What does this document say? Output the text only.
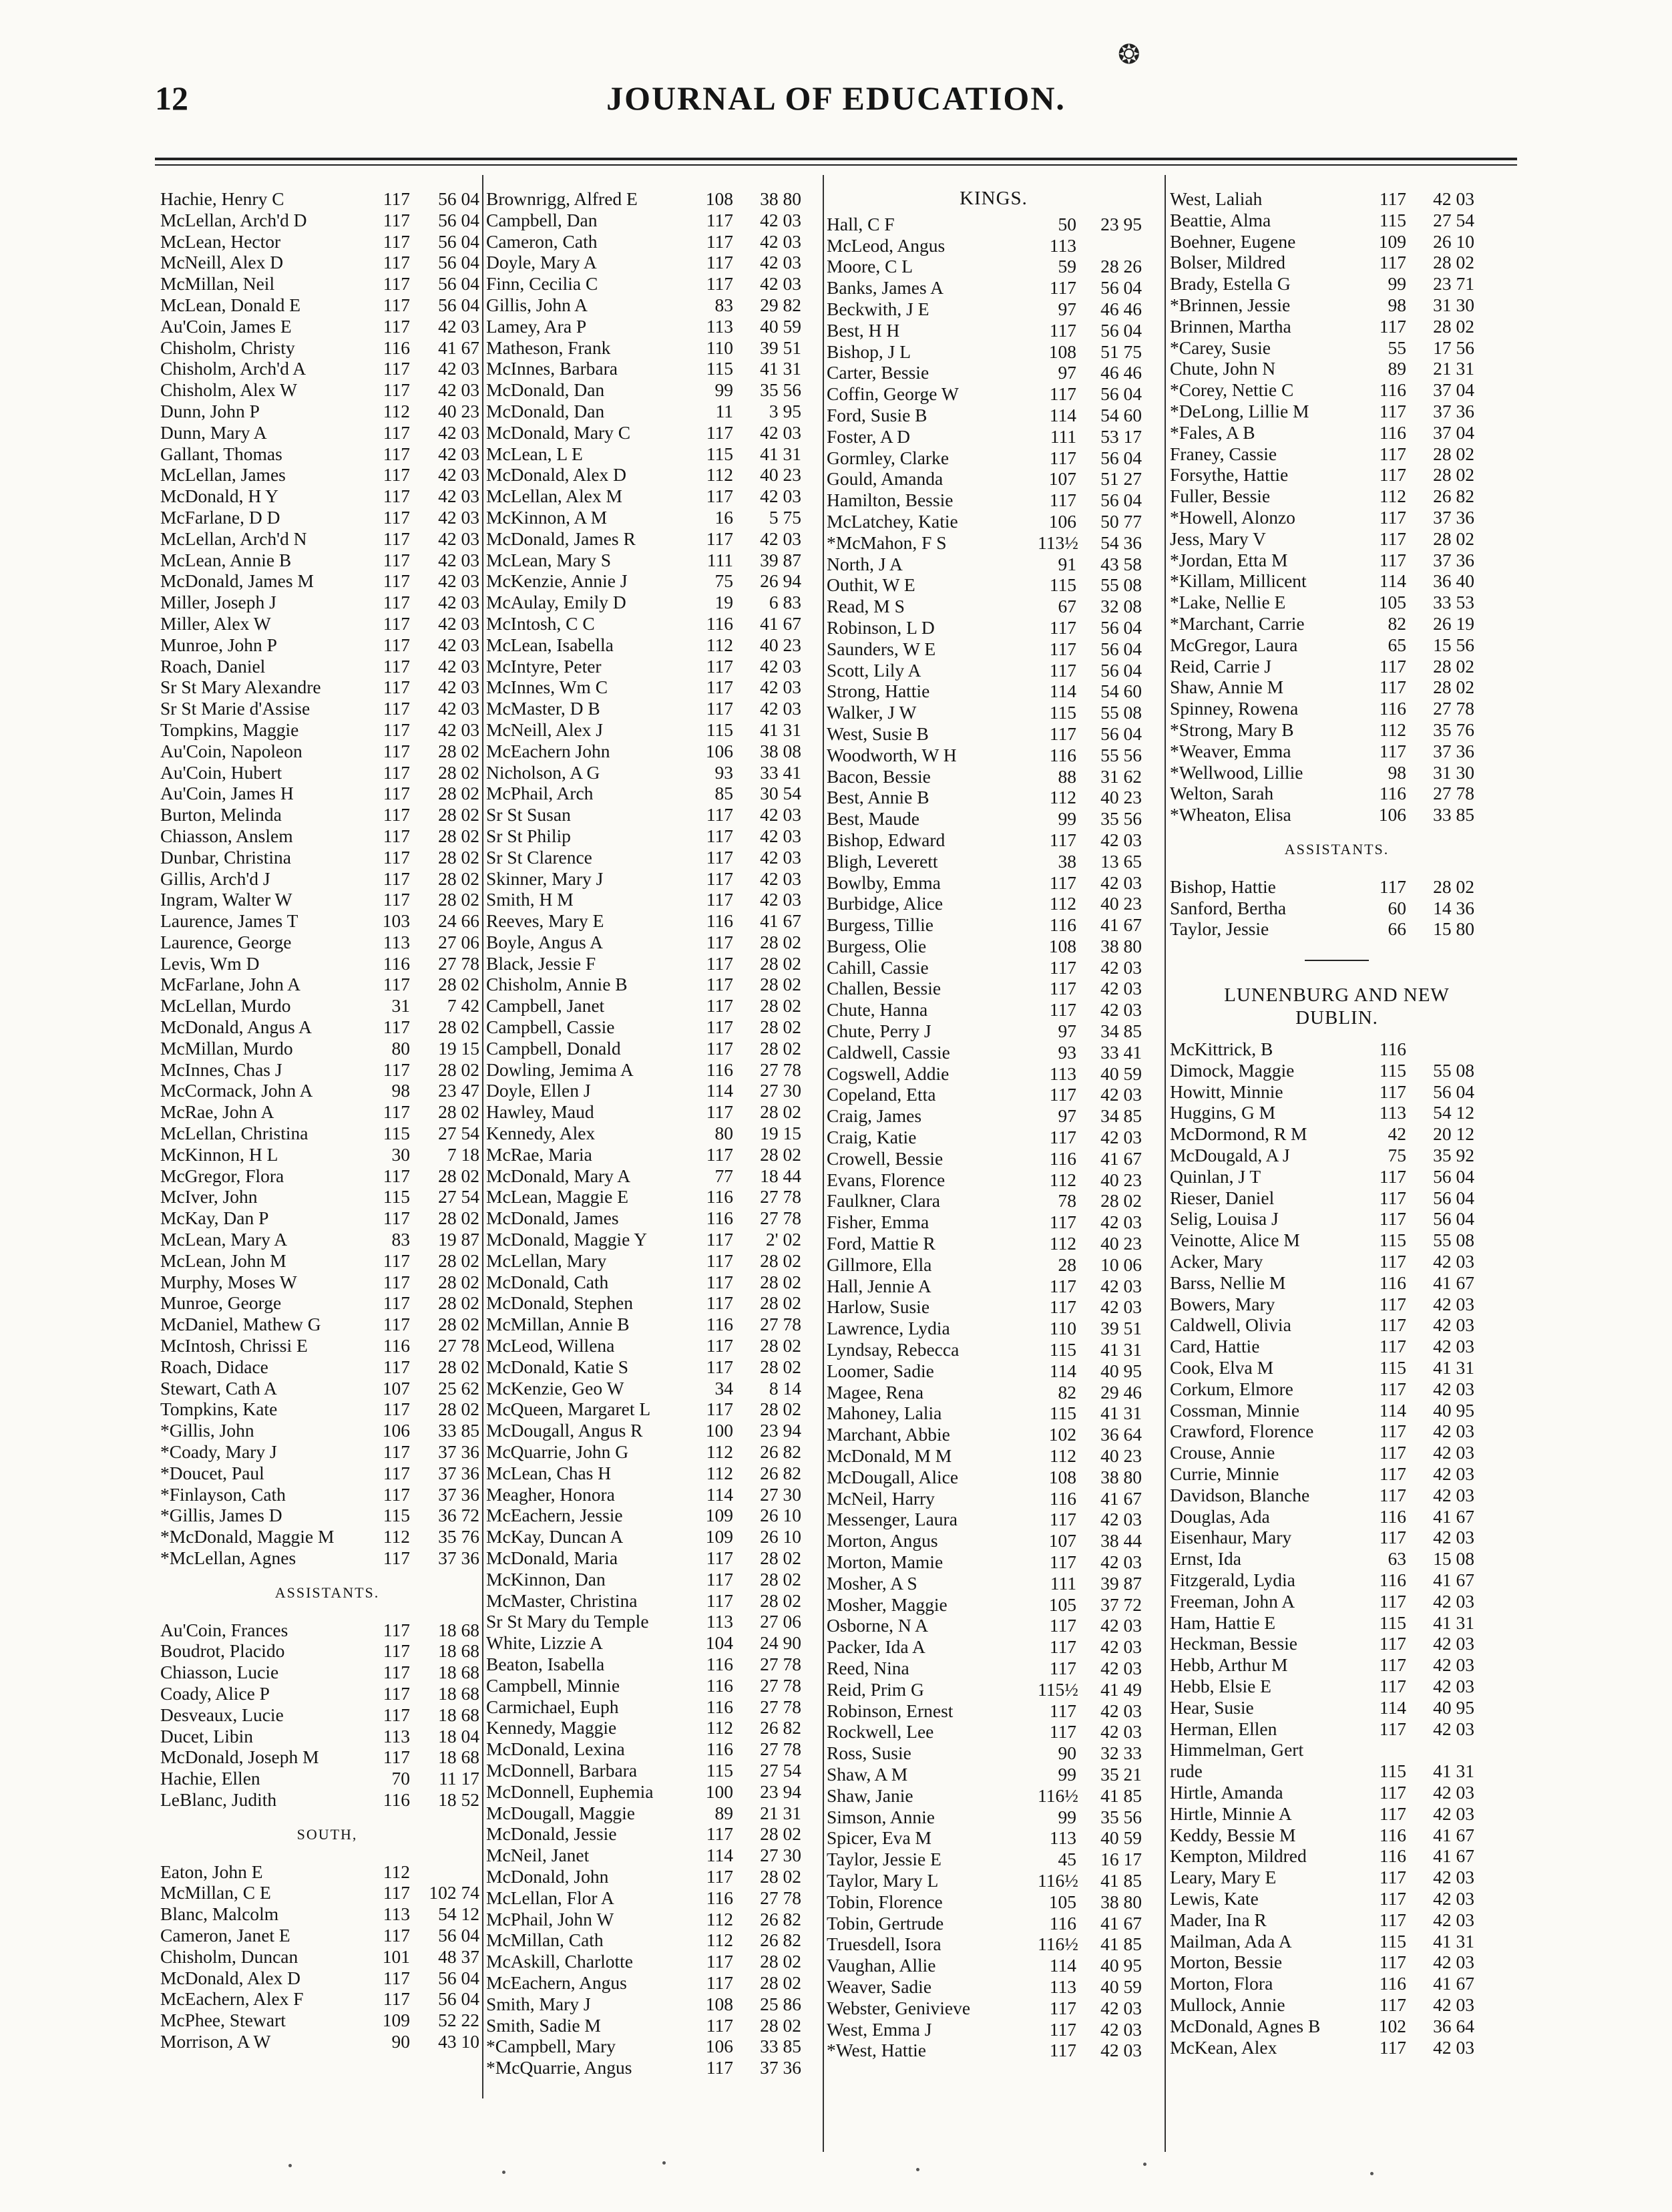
❂
12	JOURNAL OF EDUCATION.
Hachie, Henry C	117	56 04
McLellan, Arch'd D	117	56 04
McLean, Hector	117	56 04
McNeill, Alex D	117	56 04
McMillan, Neil	117	56 04
McLean, Donald E	117	56 04
Au'Coin, James E	117	42 03
Chisholm, Christy	116	41 67
Chisholm, Arch'd A	117	42 03
Chisholm, Alex W	117	42 03
Dunn, John P	112	40 23
Dunn, Mary A	117	42 03
Gallant, Thomas	117	42 03
McLellan, James	117	42 03
McDonald, H Y	117	42 03
McFarlane, D D	117	42 03
McLellan, Arch'd N	117	42 03
McLean, Annie B	117	42 03
McDonald, James M	117	42 03
Miller, Joseph J	117	42 03
Miller, Alex W	117	42 03
Munroe, John P	117	42 03
Roach, Daniel	117	42 03
Sr St Mary Alexandre	117	42 03
Sr St Marie d'Assise	117	42 03
Tompkins, Maggie	117	42 03
Au'Coin, Napoleon	117	28 02
Au'Coin, Hubert	117	28 02
Au'Coin, James H	117	28 02
Burton, Melinda	117	28 02
Chiasson, Anslem	117	28 02
Dunbar, Christina	117	28 02
Gillis, Arch'd J	117	28 02
Ingram, Walter W	117	28 02
Laurence, James T	103	24 66
Laurence, George	113	27 06
Levis, Wm D	116	27 78
McFarlane, John A	117	28 02
McLellan, Murdo	31	7 42
McDonald, Angus A	117	28 02
McMillan, Murdo	80	19 15
McInnes, Chas J	117	28 02
McCormack, John A	98	23 47
McRae, John A	117	28 02
McLellan, Christina	115	27 54
McKinnon, H L	30	7 18
McGregor, Flora	117	28 02
McIver, John	115	27 54
McKay, Dan P	117	28 02
McLean, Mary A	83	19 87
McLean, John M	117	28 02
Murphy, Moses W	117	28 02
Munroe, George	117	28 02
McDaniel, Mathew G	117	28 02
McIntosh, Chrissi E	116	27 78
Roach, Didace	117	28 02
Stewart, Cath A	107	25 62
Tompkins, Kate	117	28 02
*Gillis, John	106	33 85
*Coady, Mary J	117	37 36
*Doucet, Paul	117	37 36
*Finlayson, Cath	117	37 36
*Gillis, James D	115	36 72
*McDonald, Maggie M	112	35 76
*McLellan, Agnes	117	37 36
ASSISTANTS.
Au'Coin, Frances	117	18 68
Boudrot, Placido	117	18 68
Chiasson, Lucie	117	18 68
Coady, Alice P	117	18 68
Desveaux, Lucie	117	18 68
Ducet, Libin	113	18 04
McDonald, Joseph M	117	18 68
Hachie, Ellen	70	11 17
LeBlanc, Judith	116	18 52
SOUTH,
Eaton, John E	112
McMillan, C E	117	102 74
Blanc, Malcolm	113	54 12
Cameron, Janet E	117	56 04
Chisholm, Duncan	101	48 37
McDonald, Alex D	117	56 04
McEachern, Alex F	117	56 04
McPhee, Stewart	109	52 22
Morrison, A W	90	43 10
Brownrigg, Alfred E	108	38 80
Campbell, Dan	117	42 03
Cameron, Cath	117	42 03
Doyle, Mary A	117	42 03
Finn, Cecilia C	117	42 03
Gillis, John A	83	29 82
Lamey, Ara P	113	40 59
Matheson, Frank	110	39 51
McInnes, Barbara	115	41 31
McDonald, Dan	99	35 56
McDonald, Dan	11	3 95
McDonald, Mary C	117	42 03
McLean, L E	115	41 31
McDonald, Alex D	112	40 23
McLellan, Alex M	117	42 03
McKinnon, A M	16	5 75
McDonald, James R	117	42 03
McLean, Mary S	111	39 87
McKenzie, Annie J	75	26 94
McAulay, Emily D	19	6 83
McIntosh, C C	116	41 67
McLean, Isabella	112	40 23
McIntyre, Peter	117	42 03
McInnes, Wm C	117	42 03
McMaster, D B	117	42 03
McNeill, Alex J	115	41 31
McEachern John	106	38 08
Nicholson, A G	93	33 41
McPhail, Arch	85	30 54
Sr St Susan	117	42 03
Sr St Philip	117	42 03
Sr St Clarence	117	42 03
Skinner, Mary J	117	42 03
Smith, H M	117	42 03
Reeves, Mary E	116	41 67
Boyle, Angus A	117	28 02
Black, Jessie F	117	28 02
Chisholm, Annie B	117	28 02
Campbell, Janet	117	28 02
Campbell, Cassie	117	28 02
Campbell, Donald	117	28 02
Dowling, Jemima A	116	27 78
Doyle, Ellen J	114	27 30
Hawley, Maud	117	28 02
Kennedy, Alex	80	19 15
McRae, Maria	117	28 02
McDonald, Mary A	77	18 44
McLean, Maggie E	116	27 78
McDonald, James	116	27 78
McDonald, Maggie Y	117	2' 02
McLellan, Mary	117	28 02
McDonald, Cath	117	28 02
McDonald, Stephen	117	28 02
McMillan, Annie B	116	27 78
McLeod, Willena	117	28 02
McDonald, Katie S	117	28 02
McKenzie, Geo W	34	8 14
McQueen, Margaret L	117	28 02
McDougall, Angus R	100	23 94
McQuarrie, John G	112	26 82
McLean, Chas H	112	26 82
Meagher, Honora	114	27 30
McEachern, Jessie	109	26 10
McKay, Duncan A	109	26 10
McDonald, Maria	117	28 02
McKinnon, Dan	117	28 02
McMaster, Christina	117	28 02
Sr St Mary du Temple	113	27 06
White, Lizzie A	104	24 90
Beaton, Isabella	116	27 78
Campbell, Minnie	116	27 78
Carmichael, Euph	116	27 78
Kennedy, Maggie	112	26 82
McDonald, Lexina	116	27 78
McDonnell, Barbara	115	27 54
McDonnell, Euphemia	100	23 94
McDougall, Maggie	89	21 31
McDonald, Jessie	117	28 02
McNeil, Janet	114	27 30
McDonald, John	117	28 02
McLellan, Flor A	116	27 78
McPhail, John W	112	26 82
McMillan, Cath	112	26 82
McAskill, Charlotte	117	28 02
McEachern, Angus	117	28 02
Smith, Mary J	108	25 86
Smith, Sadie M	117	28 02
*Campbell, Mary	106	33 85
*McQuarrie, Angus	117	37 36
KINGS.
Hall, C F	50	23 95
McLeod, Angus	113
Moore, C L	59	28 26
Banks, James A	117	56 04
Beckwith, J E	97	46 46
Best, H H	117	56 04
Bishop, J L	108	51 75
Carter, Bessie	97	46 46
Coffin, George W	117	56 04
Ford, Susie B	114	54 60
Foster, A D	111	53 17
Gormley, Clarke	117	56 04
Gould, Amanda	107	51 27
Hamilton, Bessie	117	56 04
McLatchey, Katie	106	50 77
*McMahon, F S	113½	54 36
North, J A	91	43 58
Outhit, W E	115	55 08
Read, M S	67	32 08
Robinson, L D	117	56 04
Saunders, W E	117	56 04
Scott, Lily A	117	56 04
Strong, Hattie	114	54 60
Walker, J W	115	55 08
West, Susie B	117	56 04
Woodworth, W H	116	55 56
Bacon, Bessie	88	31 62
Best, Annie B	112	40 23
Best, Maude	99	35 56
Bishop, Edward	117	42 03
Bligh, Leverett	38	13 65
Bowlby, Emma	117	42 03
Burbidge, Alice	112	40 23
Burgess, Tillie	116	41 67
Burgess, Olie	108	38 80
Cahill, Cassie	117	42 03
Challen, Bessie	117	42 03
Chute, Hanna	117	42 03
Chute, Perry J	97	34 85
Caldwell, Cassie	93	33 41
Cogswell, Addie	113	40 59
Copeland, Etta	117	42 03
Craig, James	97	34 85
Craig, Katie	117	42 03
Crowell, Bessie	116	41 67
Evans, Florence	112	40 23
Faulkner, Clara	78	28 02
Fisher, Emma	117	42 03
Ford, Mattie R	112	40 23
Gillmore, Ella	28	10 06
Hall, Jennie A	117	42 03
Harlow, Susie	117	42 03
Lawrence, Lydia	110	39 51
Lyndsay, Rebecca	115	41 31
Loomer, Sadie	114	40 95
Magee, Rena	82	29 46
Mahoney, Lalia	115	41 31
Marchant, Abbie	102	36 64
McDonald, M M	112	40 23
McDougall, Alice	108	38 80
McNeil, Harry	116	41 67
Messenger, Laura	117	42 03
Morton, Angus	107	38 44
Morton, Mamie	117	42 03
Mosher, A S	111	39 87
Mosher, Maggie	105	37 72
Osborne, N A	117	42 03
Packer, Ida A	117	42 03
Reed, Nina	117	42 03
Reid, Prim G	115½	41 49
Robinson, Ernest	117	42 03
Rockwell, Lee	117	42 03
Ross, Susie	90	32 33
Shaw, A M	99	35 21
Shaw, Janie	116½	41 85
Simson, Annie	99	35 56
Spicer, Eva M	113	40 59
Taylor, Jessie E	45	16 17
Taylor, Mary L	116½	41 85
Tobin, Florence	105	38 80
Tobin, Gertrude	116	41 67
Truesdell, Isora	116½	41 85
Vaughan, Allie	114	40 95
Weaver, Sadie	113	40 59
Webster, Genivieve	117	42 03
West, Emma J	117	42 03
*West, Hattie	117	42 03
West, Laliah	117	42 03
Beattie, Alma	115	27 54
Boehner, Eugene	109	26 10
Bolser, Mildred	117	28 02
Brady, Estella G	99	23 71
*Brinnen, Jessie	98	31 30
Brinnen, Martha	117	28 02
*Carey, Susie	55	17 56
Chute, John N	89	21 31
*Corey, Nettie C	116	37 04
*DeLong, Lillie M	117	37 36
*Fales, A B	116	37 04
Franey, Cassie	117	28 02
Forsythe, Hattie	117	28 02
Fuller, Bessie	112	26 82
*Howell, Alonzo	117	37 36
Jess, Mary V	117	28 02
*Jordan, Etta M	117	37 36
*Killam, Millicent	114	36 40
*Lake, Nellie E	105	33 53
*Marchant, Carrie	82	26 19
McGregor, Laura	65	15 56
Reid, Carrie J	117	28 02
Shaw, Annie M	117	28 02
Spinney, Rowena	116	27 78
*Strong, Mary B	112	35 76
*Weaver, Emma	117	37 36
*Wellwood, Lillie	98	31 30
Welton, Sarah	116	27 78
*Wheaton, Elisa	106	33 85
ASSISTANTS.
Bishop, Hattie	117	28 02
Sanford, Bertha	60	14 36
Taylor, Jessie	66	15 80
LUNENBURG AND NEW
DUBLIN.
McKittrick, B	116
Dimock, Maggie	115	55 08
Howitt, Minnie	117	56 04
Huggins, G M	113	54 12
McDormond, R M	42	20 12
McDougald, A J	75	35 92
Quinlan, J T	117	56 04
Rieser, Daniel	117	56 04
Selig, Louisa J	117	56 04
Veinotte, Alice M	115	55 08
Acker, Mary	117	42 03
Barss, Nellie M	116	41 67
Bowers, Mary	117	42 03
Caldwell, Olivia	117	42 03
Card, Hattie	117	42 03
Cook, Elva M	115	41 31
Corkum, Elmore	117	42 03
Cossman, Minnie	114	40 95
Crawford, Florence	117	42 03
Crouse, Annie	117	42 03
Currie, Minnie	117	42 03
Davidson, Blanche	117	42 03
Douglas, Ada	116	41 67
Eisenhaur, Mary	117	42 03
Ernst, Ida	63	15 08
Fitzgerald, Lydia	116	41 67
Freeman, John A	117	42 03
Ham, Hattie E	115	41 31
Heckman, Bessie	117	42 03
Hebb, Arthur M	117	42 03
Hebb, Elsie E	117	42 03
Hear, Susie	114	40 95
Herman, Ellen	117	42 03
Himmelman, Gert
rude	115	41 31
Hirtle, Amanda	117	42 03
Hirtle, Minnie A	117	42 03
Keddy, Bessie M	116	41 67
Kempton, Mildred	116	41 67
Leary, Mary E	117	42 03
Lewis, Kate	117	42 03
Mader, Ina R	117	42 03
Mailman, Ada A	115	41 31
Morton, Bessie	117	42 03
Morton, Flora	116	41 67
Mullock, Annie	117	42 03
McDonald, Agnes B	102	36 64
McKean, Alex	117	42 03
